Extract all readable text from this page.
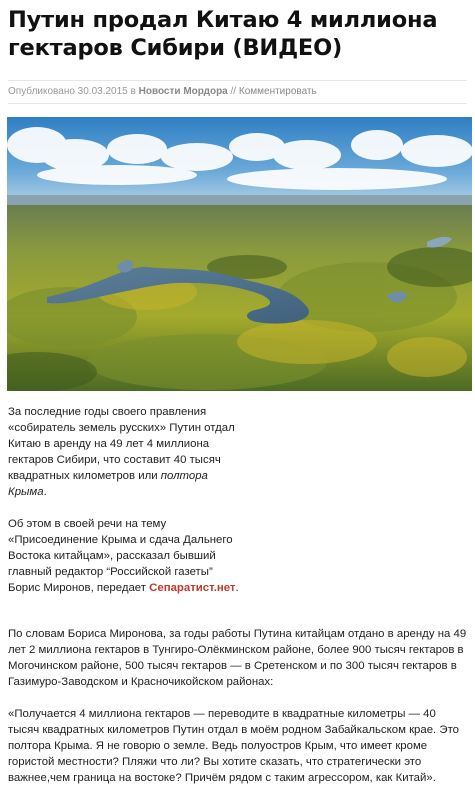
Путин продал Китаю 4 миллиона гектаров Сибири (ВИДЕО)
Опубликовано 30.03.2015 в Новости Мордора // Комментировать

За последние годы своего правления «собиратель земель русских» Путин отдал Китаю в аренду на 49 лет 4 миллиона гектаров Сибири, что составит 40 тысяч квадратных километров или полтора Крыма.

Об этом в своей речи на тему «Присоединение Крыма и сдача Дальнего Востока китайцам», рассказал бывший главный редактор “Российской газеты” Борис Миронов, передает Сепаратист.нет.

По словам Бориса Миронова, за годы работы Путина китайцам отдано в аренду на 49 лет 2 миллиона гектаров в Тунгиро-Олёкминском районе, более 900 тысяч гектаров в Могочинском районе, 500 тысяч гектаров — в Сретенском и по 300 тысяч гектаров в Газимуро-Заводском и Красночикойском районах:

«Получается 4 миллиона гектаров — переводите в квадратные километры — 40 тысяч квадратных километров Путин отдал в моём родном Забайкальском крае. Это полтора Крыма. Я не говорю о земле. Ведь полуостров Крым, что имеет кроме гористой местности? Пляжи что ли? Вы хотите сказать, что стратегически это важнее,чем граница на востоке? Причём рядом с таким агрессором, как Китай».
